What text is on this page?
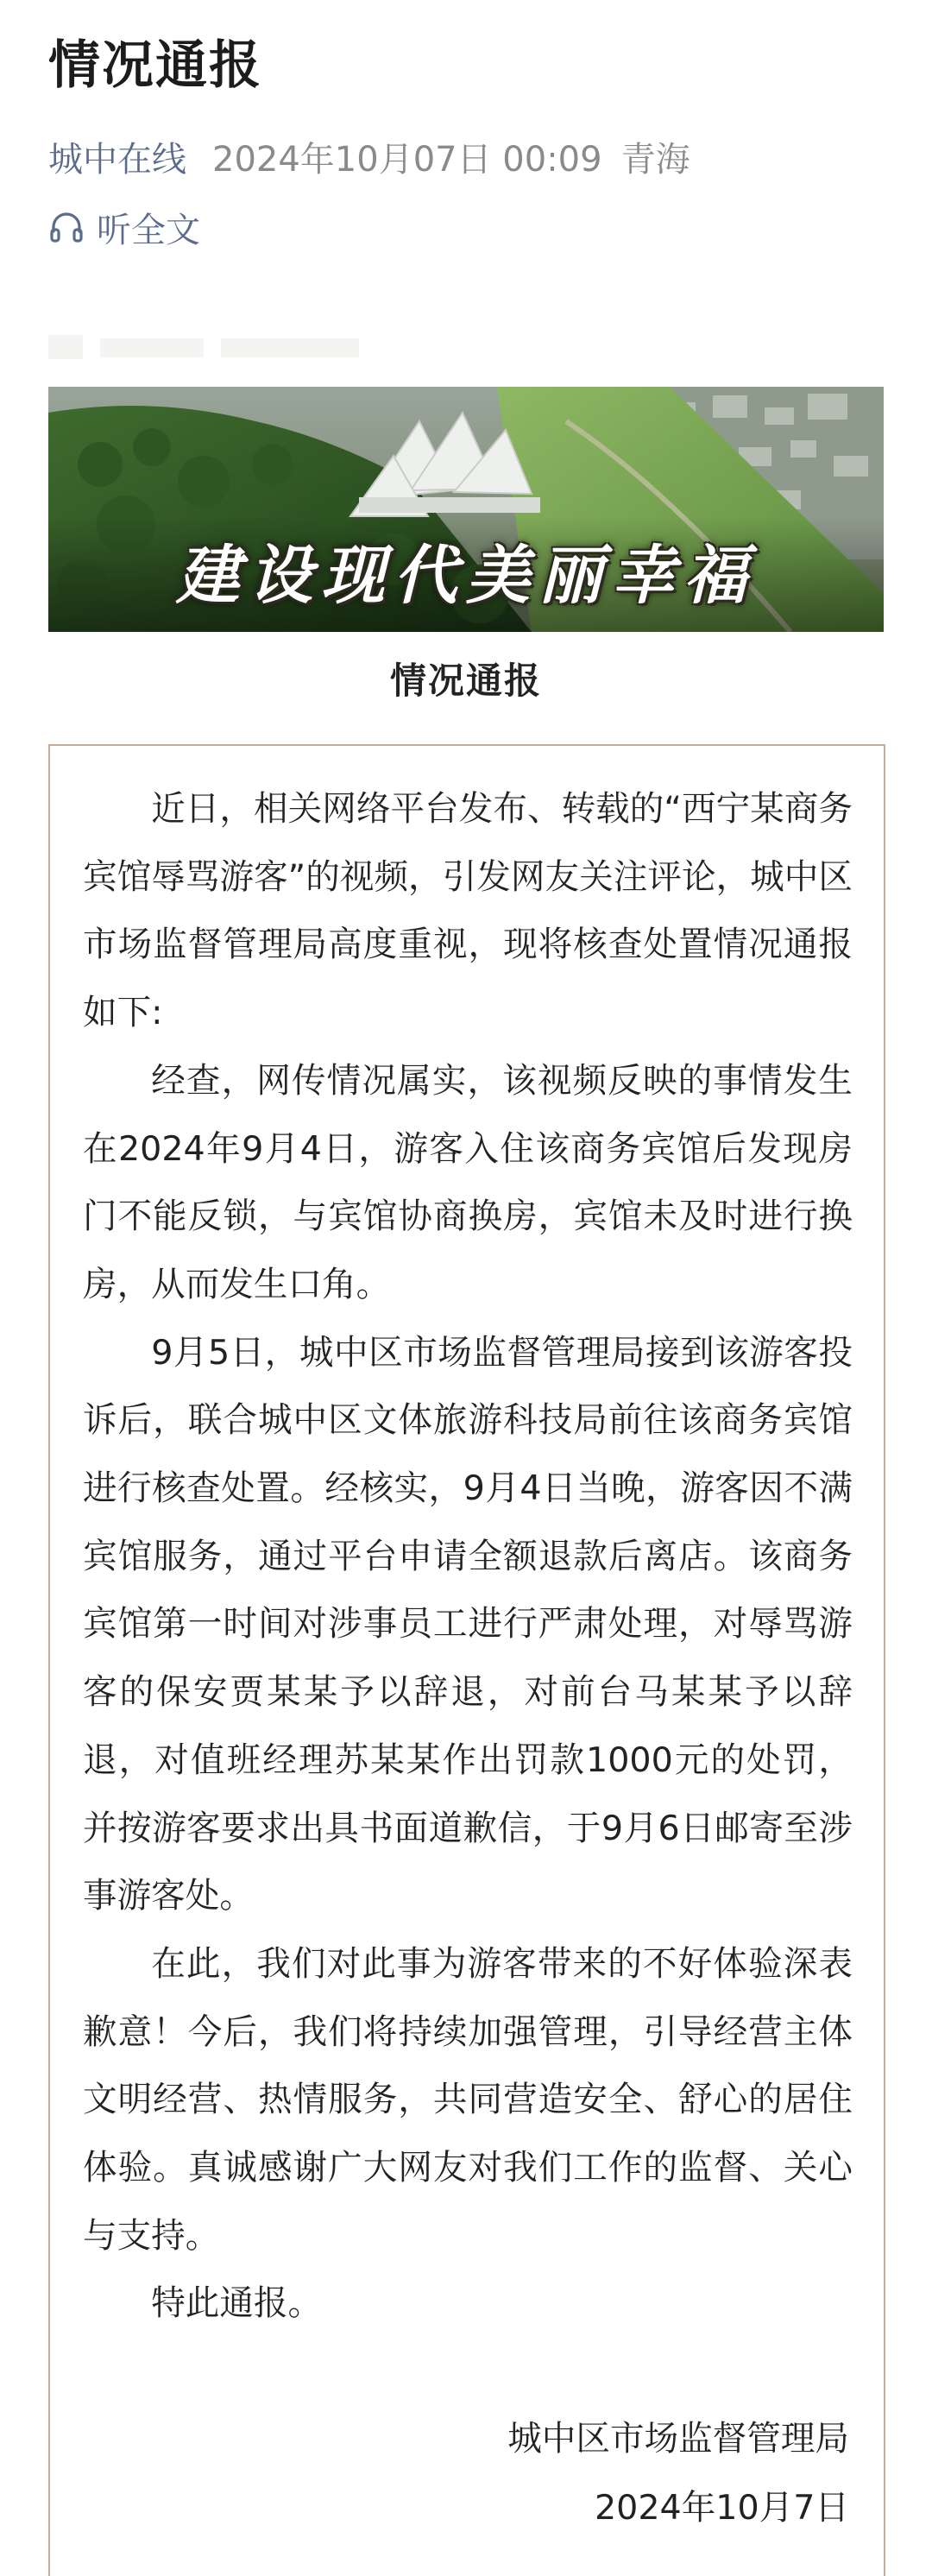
情况通报
城中在线 2024年10月07日 00:09 青海
听全文
建设现代美丽幸福
情况通报

近日，相关网络平台发布、转载的“西宁某商务宾馆辱骂游客”的视频，引发网友关注评论，城中区市场监督管理局高度重视，现将核查处置情况通报如下:

经查，网传情况属实，该视频反映的事情发生在2024年9月4日，游客入住该商务宾馆后发现房门不能反锁，与宾馆协商换房，宾馆未及时进行换房，从而发生口角。

9月5日，城中区市场监督管理局接到该游客投诉后，联合城中区文体旅游科技局前往该商务宾馆进行核查处置。经核实，9月4日当晚，游客因不满宾馆服务，通过平台申请全额退款后离店。该商务宾馆第一时间对涉事员工进行严肃处理，对辱骂游客的保安贾某某予以辞退，对前台马某某予以辞退，对值班经理苏某某作出罚款1000元的处罚，并按游客要求出具书面道歉信，于9月6日邮寄至涉事游客处。

在此，我们对此事为游客带来的不好体验深表歉意！今后，我们将持续加强管理，引导经营主体文明经营、热情服务，共同营造安全、舒心的居住体验。真诚感谢广大网友对我们工作的监督、关心与支持。

特此通报。

城中区市场监督管理局
2024年10月7日
